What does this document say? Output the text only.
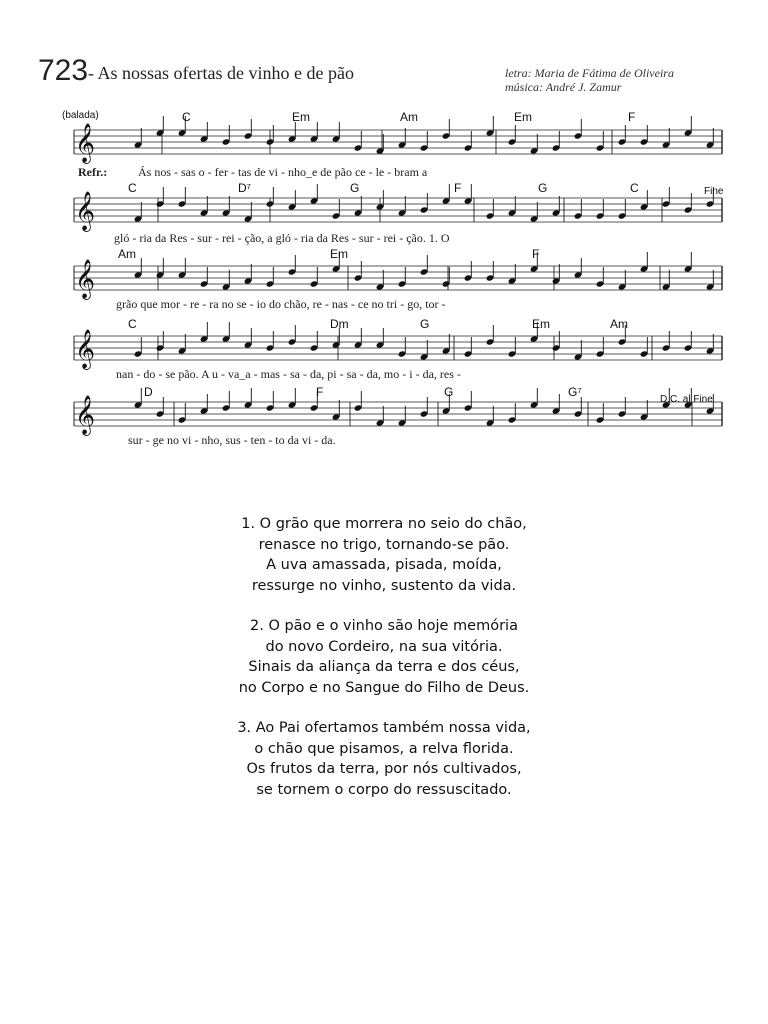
723 - As nossas ofertas de vinho e de pão	letra: Maria de Fátima de Oliveira
música: André J. Zamur
𝄞
𝄞
𝄞
𝄞
𝄞
(balada)
Refr.:
Fine
D.C. al Fine
C	Em	Am	Em	F
Ás nos - sas o - fer - tas de vi - nho_e de pão ce - le - bram a
C	D⁷	G	F	G	C
gló - ria da Res - sur - rei - ção, a gló - ria da Res - sur - rei - ção. 1. O
Am	Em	F
grão que mor - re - ra no se - io do chão, re - nas - ce no tri - go, tor -
C	Dm	G	Em	Am
nan - do - se pão. A u - va_a - mas - sa - da, pi - sa - da, mo - i - da, res -
D	F	G	G⁷
sur - ge no vi - nho, sus - ten - to da vi - da.
1. O grão que morrera no seio do chão,
renasce no trigo, tornando-se pão.
A uva amassada, pisada, moída,
ressurge no vinho, sustento da vida.
2. O pão e o vinho são hoje memória
do novo Cordeiro, na sua vitória.
Sinais da aliança da terra e dos céus,
no Corpo e no Sangue do Filho de Deus.
3. Ao Pai ofertamos também nossa vida,
o chão que pisamos, a relva florida.
Os frutos da terra, por nós cultivados,
se tornem o corpo do ressuscitado.
